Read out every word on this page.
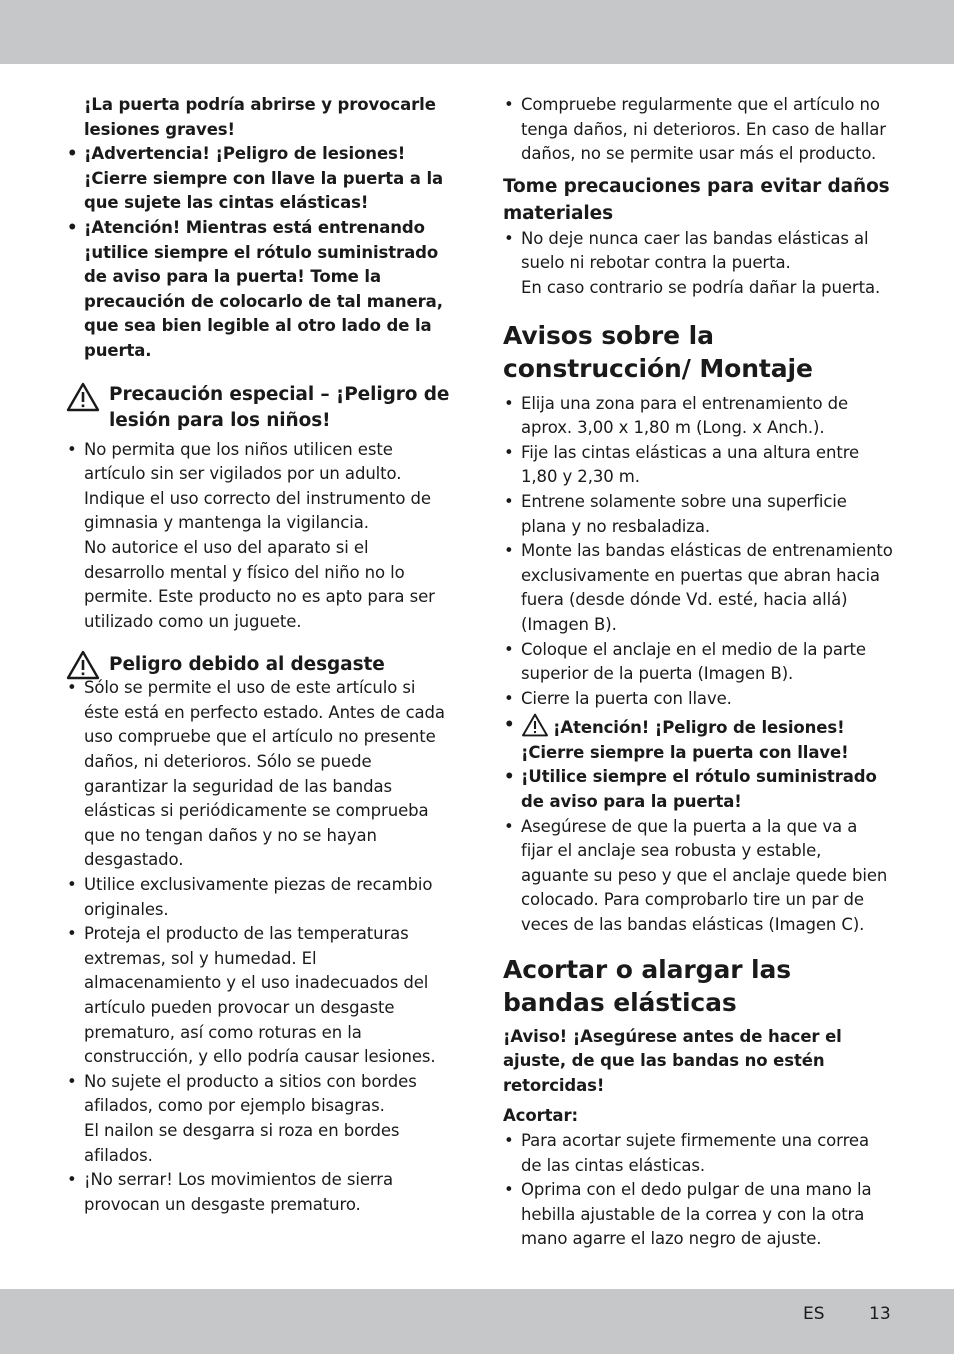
¡La puerta podría abrirse y provocarle lesiones graves!

• ¡Advertencia! ¡Peligro de lesiones! ¡Cierre siempre con llave la puerta a la que sujete las cintas elásticas!
• ¡Atención! Mientras está entrenando ¡utilice siempre el rótulo suministrado de aviso para la puerta! Tome la precaución de colocarlo de tal manera, que sea bien legible al otro lado de la puerta.
Precaución especial – ¡Peligro de lesión para los niños!
• No permita que los niños utilicen este artículo sin ser vigilados por un adulto. Indique el uso correcto del instrumento de gimnasia y mantenga la vigilancia.
No autorice el uso del aparato si el desarrollo mental y físico del niño no lo permite. Este producto no es apto para ser utilizado como un juguete.
Peligro debido al desgaste
• Sólo se permite el uso de este artículo si éste está en perfecto estado. Antes de cada uso compruebe que el artículo no presente daños, ni deterioros. Sólo se puede garantizar la seguridad de las bandas elásticas si periódicamente se comprueba que no tengan daños y no se hayan desgastado.
• Utilice exclusivamente piezas de recambio originales.
• Proteja el producto de las temperaturas extremas, sol y humedad. El almacenamiento y el uso inadecuados del artículo pueden provocar un desgaste prematuro, así como roturas en la construcción, y ello podría causar lesiones.
• No sujete el producto a sitios con bordes afilados, como por ejemplo bisagras.
El nailon se desgarra si roza en bordes afilados.
• ¡No serrar! Los movimientos de sierra provocan un desgaste prematuro.
• Compruebe regularmente que el artículo no tenga daños, ni deterioros. En caso de hallar daños, no se permite usar más el producto.

Tome precauciones para evitar daños materiales

• No deje nunca caer las bandas elásticas al suelo ni rebotar contra la puerta.
En caso contrario se podría dañar la puerta.

Avisos sobre la construcción/ Montaje

• Elija una zona para el entrenamiento de aprox. 3,00 x 1,80 m (Long. x Anch.).
• Fije las cintas elásticas a una altura entre 1,80 y 2,30 m.
• Entrene solamente sobre una superficie plana y no resbaladiza.
• Monte las bandas elásticas de entrenamiento exclusivamente en puertas que abran hacia fuera (desde dónde Vd. esté, hacia allá) (Imagen B).
• Coloque el anclaje en el medio de la parte superior de la puerta (Imagen B).
• Cierre la puerta con llave.
• ¡Atención! ¡Peligro de lesiones! ¡Cierre siempre la puerta con llave!
• ¡Utilice siempre el rótulo suministrado de aviso para la puerta!
• Asegúrese de que la puerta a la que va a fijar el anclaje sea robusta y estable, aguante su peso y que el anclaje quede bien colocado. Para comprobarlo tire un par de veces de las bandas elásticas (Imagen C).

Acortar o alargar las bandas elásticas

¡Aviso! ¡Asegúrese antes de hacer el ajuste, de que las bandas no estén retorcidas!

Acortar:

• Para acortar sujete firmemente una correa de las cintas elásticas.
• Oprima con el dedo pulgar de una mano la hebilla ajustable de la correa y con la otra mano agarre el lazo negro de ajuste.
ES	13
